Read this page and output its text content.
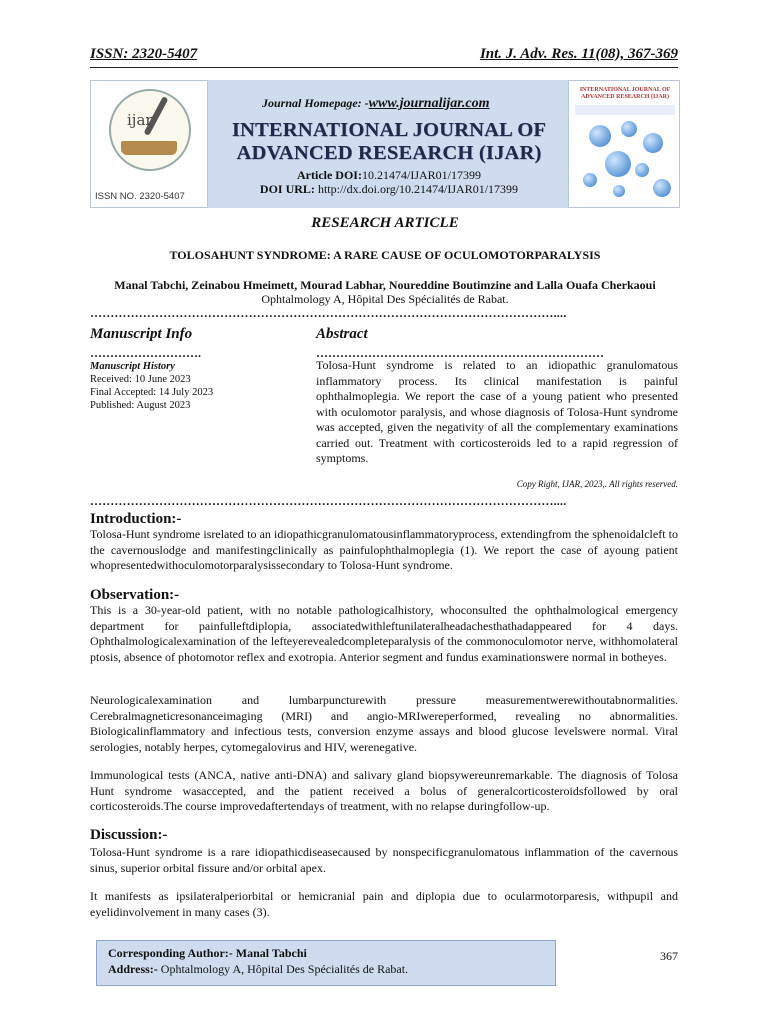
ISSN: 2320-5407	Int. J. Adv. Res. 11(08), 367-369
ijar
ISSN NO. 2320-5407
INTERNATIONAL JOURNAL OF ADVANCED RESEARCH (IJAR)
Journal Homepage: -www.journalijar.com
INTERNATIONAL JOURNAL OF
ADVANCED RESEARCH (IJAR)
Article DOI:10.21474/IJAR01/17399
DOI URL: http://dx.doi.org/10.21474/IJAR01/17399
RESEARCH ARTICLE
TOLOSAHUNT SYNDROME: A RARE CAUSE OF OCULOMOTORPARALYSIS
Manal Tabchi, Zeinabou Hmeimett, Mourad Labhar, Noureddine Boutimzine and Lalla Ouafa Cherkaoui
Ophtalmology A, Hôpital Des Spécialités de Rabat.
……………………………………………………………………………………………………....
Manuscript Info	Abstract
……………………….	………………………………………………………………
Manuscript History
Received: 10 June 2023
Final Accepted: 14 July 2023
Published: August 2023
Tolosa-Hunt syndrome is related to an idiopathic granulomatous inflammatory process. Its clinical manifestation is painful ophthalmoplegia. We report the case of a young patient who presented with oculomotor paralysis, and whose diagnosis of Tolosa-Hunt syndrome was accepted, given the negativity of all the complementary examinations carried out. Treatment with corticosteroids led to a rapid regression of symptoms.
Copy Right, IJAR, 2023,. All rights reserved.
……………………………………………………………………………………………………....
Introduction:-
Tolosa-Hunt syndrome isrelated to an idiopathicgranulomatousinflammatoryprocess, extendingfrom the sphenoidalcleft to the cavernouslodge and manifestingclinically as painfulophthalmoplegia (1). We report the case of ayoung patient whopresentedwithoculomotorparalysissecondary to Tolosa-Hunt syndrome.
Observation:-
This is a 30-year-old patient, with no notable pathologicalhistory, whoconsulted the ophthalmological emergency department for painfulleftdiplopia, associatedwithleftunilateralheadachesthathadappeared for 4 days. Ophthalmologicalexamination of the lefteyerevealedcompleteparalysis of the commonoculomotor nerve, withhomolateral ptosis, absence of photomotor reflex and exotropia. Anterior segment and fundus examinationswere normal in botheyes.
Neurologicalexamination and lumbarpuncturewith pressure measurementwerewithoutabnormalities. Cerebralmagneticresonanceimaging (MRI) and angio-MRIwereperformed, revealing no abnormalities. Biologicalinflammatory and infectious tests, conversion enzyme assays and blood glucose levelswere normal. Viral serologies, notably herpes, cytomegalovirus and HIV, werenegative.
Immunological tests (ANCA, native anti-DNA) and salivary gland biopsywereunremarkable. The diagnosis of Tolosa Hunt syndrome wasaccepted, and the patient received a bolus of generalcorticosteroidsfollowed by oral corticosteroids.The course improvedaftertendays of treatment, with no relapse duringfollow-up.
Discussion:-
Tolosa-Hunt syndrome is a rare idiopathicdiseasecaused by nonspecificgranulomatous inflammation of the cavernous sinus, superior orbital fissure and/or orbital apex.
It manifests as ipsilateralperiorbital or hemicranial pain and diplopia due to ocularmotorparesis, withpupil and eyelidinvolvement in many cases (3).
Corresponding Author:- Manal Tabchi
Address:- Ophtalmology A, Hôpital Des Spécialités de Rabat.
367
